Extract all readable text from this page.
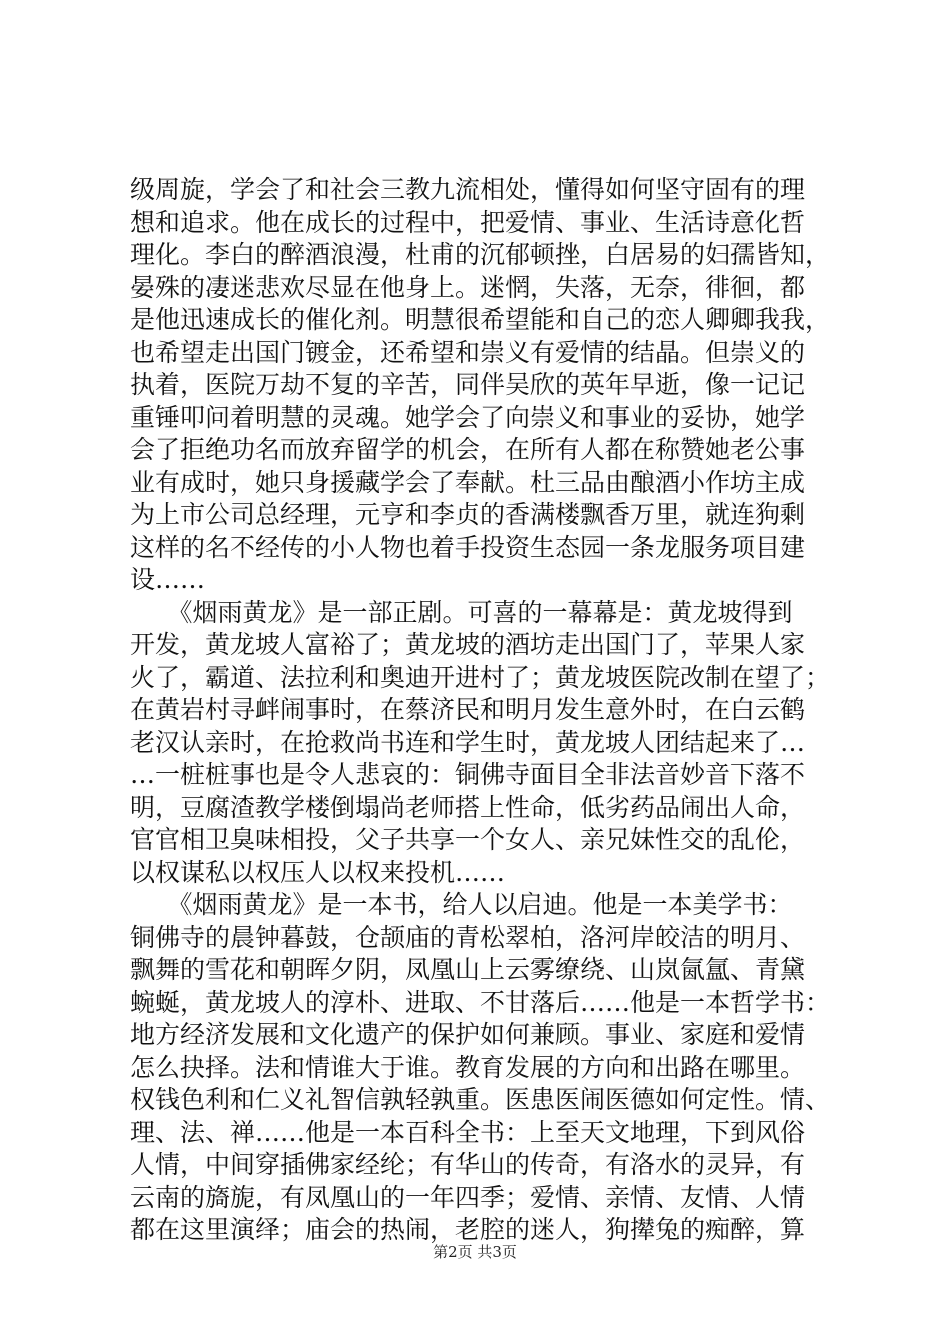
级周旋，学会了和社会三教九流相处，懂得如何坚守固有的理
想和追求。他在成长的过程中，把爱情、事业、生活诗意化哲
理化。李白的醉酒浪漫，杜甫的沉郁顿挫，白居易的妇孺皆知，
晏殊的凄迷悲欢尽显在他身上。迷惘，失落，无奈，徘徊，都
是他迅速成长的催化剂。明慧很希望能和自己的恋人卿卿我我，
也希望走出国门镀金，还希望和崇义有爱情的结晶。但崇义的
执着，医院万劫不复的辛苦，同伴吴欣的英年早逝，像一记记
重锤叩问着明慧的灵魂。她学会了向崇义和事业的妥协，她学
会了拒绝功名而放弃留学的机会，在所有人都在称赞她老公事
业有成时，她只身援藏学会了奉献。杜三品由酿酒小作坊主成
为上市公司总经理，元亨和李贞的香满楼飘香万里，就连狗剩
这样的名不经传的小人物也着手投资生态园一条龙服务项目建
设……
　　《烟雨黄龙》是一部正剧。可喜的一幕幕是：黄龙坡得到
开发，黄龙坡人富裕了；黄龙坡的酒坊走出国门了，苹果人家
火了，霸道、法拉利和奥迪开进村了；黄龙坡医院改制在望了；
在黄岩村寻衅闹事时，在蔡济民和明月发生意外时，在白云鹤
老汉认亲时，在抢救尚书连和学生时，黄龙坡人团结起来了…
…一桩桩事也是令人悲哀的：铜佛寺面目全非法音妙音下落不
明，豆腐渣教学楼倒塌尚老师搭上性命，低劣药品闹出人命，
官官相卫臭味相投，父子共享一个女人、亲兄妹性交的乱伦，
以权谋私以权压人以权来投机……
　　《烟雨黄龙》是一本书，给人以启迪。他是一本美学书：
铜佛寺的晨钟暮鼓，仓颉庙的青松翠柏，洛河岸皎洁的明月、
飘舞的雪花和朝晖夕阴，凤凰山上云雾缭绕、山岚氤氲、青黛
蜿蜒，黄龙坡人的淳朴、进取、不甘落后……他是一本哲学书：
地方经济发展和文化遗产的保护如何兼顾。事业、家庭和爱情
怎么抉择。法和情谁大于谁。教育发展的方向和出路在哪里。
权钱色利和仁义礼智信孰轻孰重。医患医闹医德如何定性。情、
理、法、禅……他是一本百科全书：上至天文地理，下到风俗
人情，中间穿插佛家经纶；有华山的传奇，有洛水的灵异，有
云南的旖旎，有凤凰山的一年四季；爱情、亲情、友情、人情
都在这里演绎；庙会的热闹，老腔的迷人，狗撵兔的痴醉，算
第2页 共3页
